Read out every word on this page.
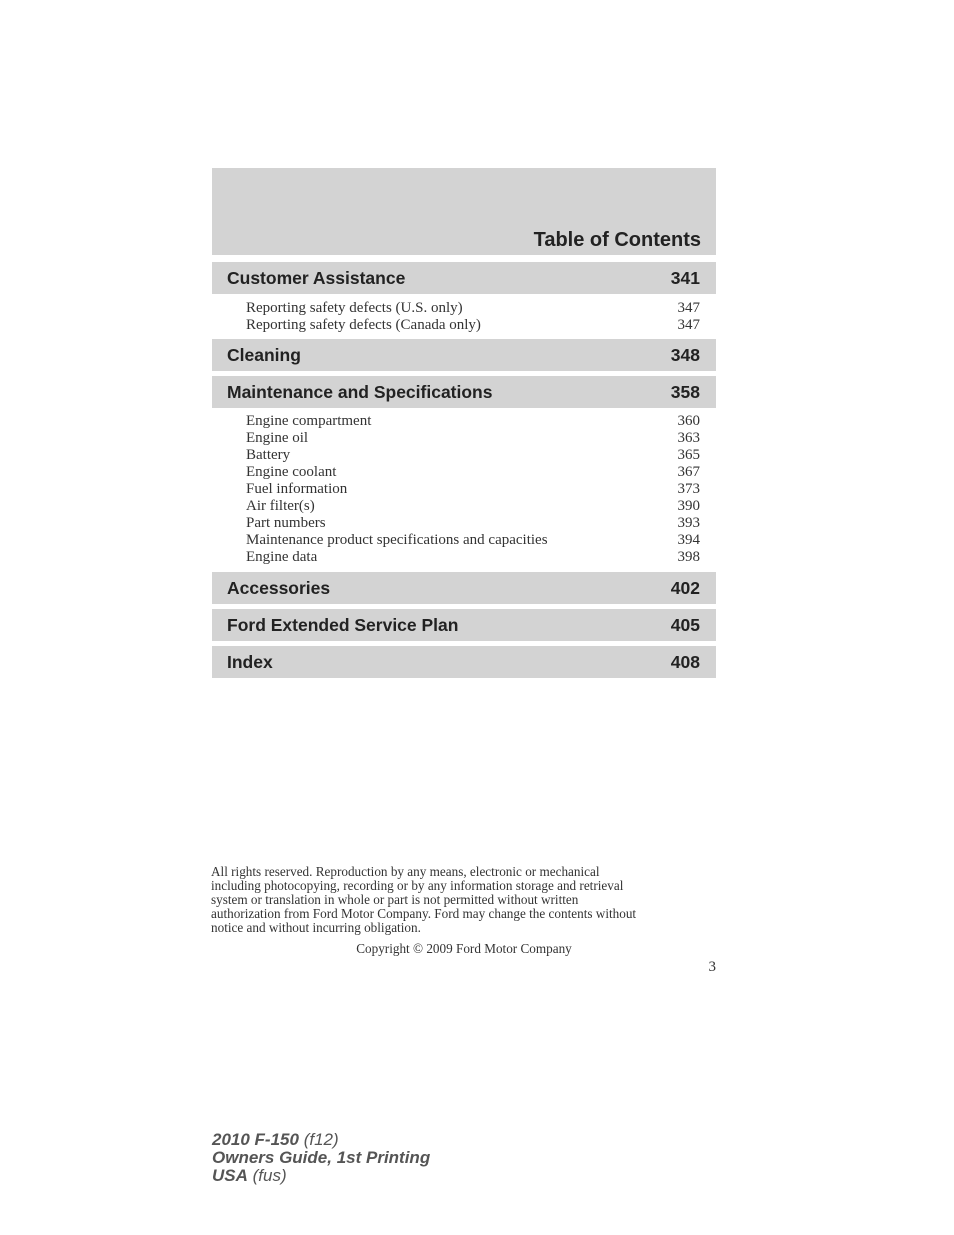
Table of Contents
Customer Assistance	341
Reporting safety defects (U.S. only)	347
Reporting safety defects (Canada only)	347
Cleaning	348
Maintenance and Specifications	358
Engine compartment	360
Engine oil	363
Battery	365
Engine coolant	367
Fuel information	373
Air filter(s)	390
Part numbers	393
Maintenance product specifications and capacities	394
Engine data	398
Accessories	402
Ford Extended Service Plan	405
Index	408
All rights reserved. Reproduction by any means, electronic or mechanical
including photocopying, recording or by any information storage and retrieval
system or translation in whole or part is not permitted without written
authorization from Ford Motor Company. Ford may change the contents without
notice and without incurring obligation.
Copyright © 2009 Ford Motor Company
3
2010 F-150 (f12)
Owners Guide, 1st Printing
USA (fus)
